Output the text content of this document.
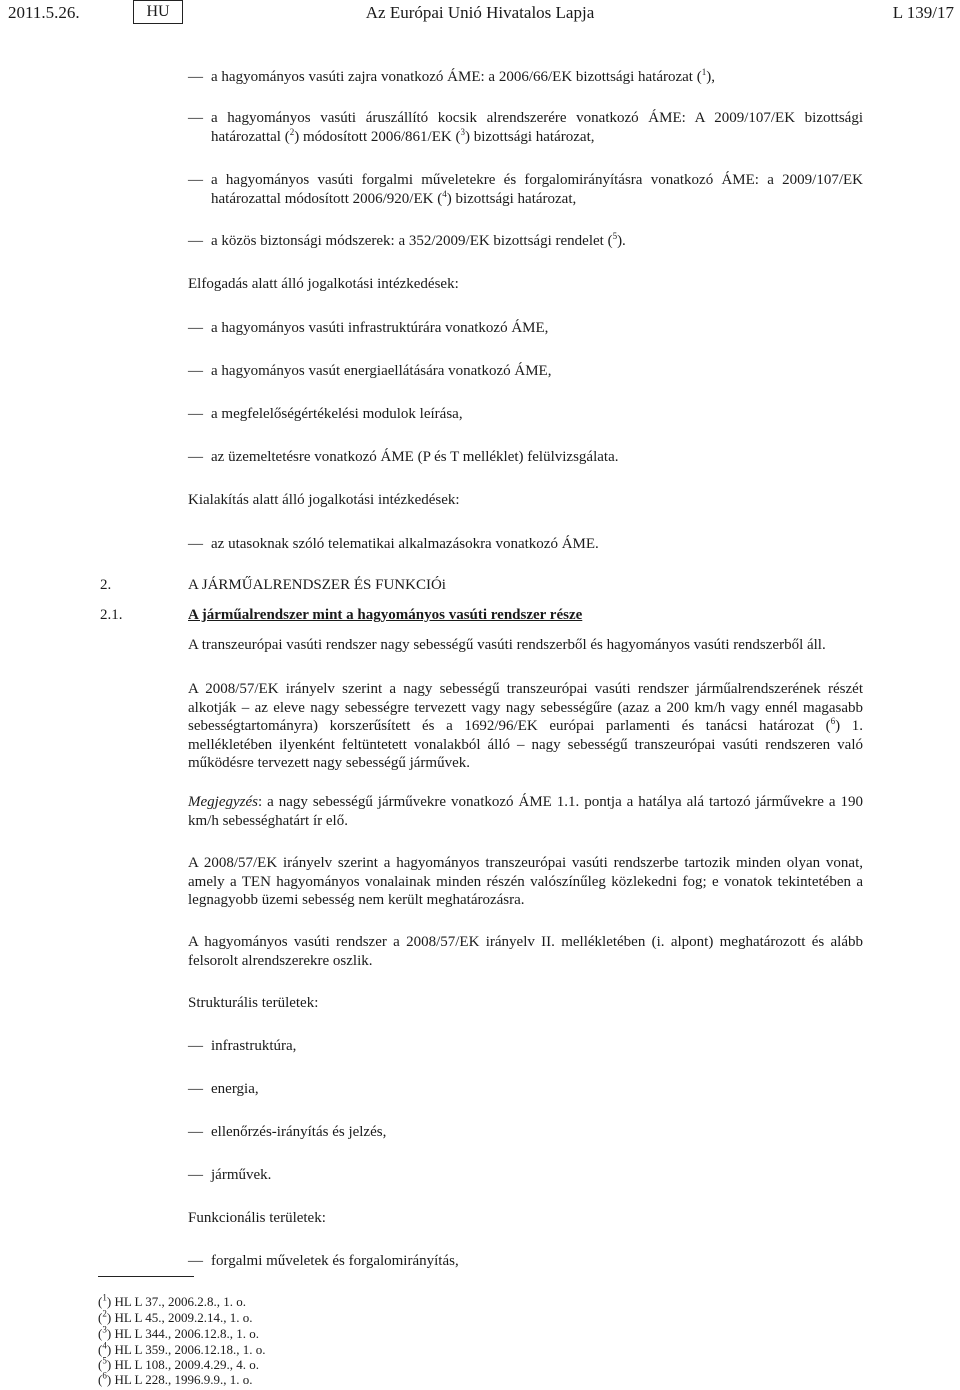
2011.5.26.	HU	Az Európai Unió Hivatalos Lapja	L 139/17
— a hagyományos vasúti zajra vonatkozó ÁME: a 2006/66/EK bizottsági határozat ($^1$),
— a hagyományos vasúti áruszállító kocsik alrendszerére vonatkozó ÁME: A 2009/107/EK bizottsági határozattal ($^2$) módosított 2006/861/EK ($^3$) bizottsági határozat,
— a hagyományos vasúti forgalmi műveletekre és forgalomirányításra vonatkozó ÁME: a 2009/107/EK határozattal módosított 2006/920/EK ($^4$) bizottsági határozat,
— a közös biztonsági módszerek: a 352/2009/EK bizottsági rendelet ($^5$).
Elfogadás alatt álló jogalkotási intézkedések:
— a hagyományos vasúti infrastruktúrára vonatkozó ÁME,
— a hagyományos vasút energiaellátására vonatkozó ÁME,
— a megfelelőségértékelési modulok leírása,
— az üzemeltetésre vonatkozó ÁME (P és T melléklet) felülvizsgálata.
Kialakítás alatt álló jogalkotási intézkedések:
— az utasoknak szóló telematikai alkalmazásokra vonatkozó ÁME.
2.	A JÁRMŰALRENDSZER ÉS FUNKCIÓi
2.1.	A járműalrendszer mint a hagyományos vasúti rendszer része
A transzeurópai vasúti rendszer nagy sebességű vasúti rendszerből és hagyományos vasúti rendszerből áll.
A 2008/57/EK irányelv szerint a nagy sebességű transzeurópai vasúti rendszer járműalrendszerének részét alkotják – az eleve nagy sebességre tervezett vagy nagy sebességűre (azaz a 200 km/h vagy ennél magasabb sebességtartományra) korszerűsített és a 1692/96/EK európai parlamenti és tanácsi határozat ($^6$) 1. mellékletében ilyenként feltüntetett vonalakból álló – nagy sebességű transzeurópai vasúti rendszeren való működésre tervezett nagy sebességű járművek.
Megjegyzés: a nagy sebességű járművekre vonatkozó ÁME 1.1. pontja a hatálya alá tartozó járművekre a 190 km/h sebességhatárt ír elő.
A 2008/57/EK irányelv szerint a hagyományos transzeurópai vasúti rendszerbe tartozik minden olyan vonat, amely a TEN hagyományos vonalainak minden részén valószínűleg közlekedni fog; e vonatok tekintetében a legnagyobb üzemi sebesség nem került meghatározásra.
A hagyományos vasúti rendszer a 2008/57/EK irányelv II. mellékletében (i. alpont) meghatározott és alább felsorolt alrendszerekre oszlik.
Strukturális területek:
— infrastruktúra,
— energia,
— ellenőrzés-irányítás és jelzés,
— járművek.
Funkcionális területek:
— forgalmi műveletek és forgalomirányítás,
($^1$) HL L 37., 2006.2.8., 1. o.
($^2$) HL L 45., 2009.2.14., 1. o.
($^3$) HL L 344., 2006.12.8., 1. o.
($^4$) HL L 359., 2006.12.18., 1. o.
($^5$) HL L 108., 2009.4.29., 4. o.
($^6$) HL L 228., 1996.9.9., 1. o.
